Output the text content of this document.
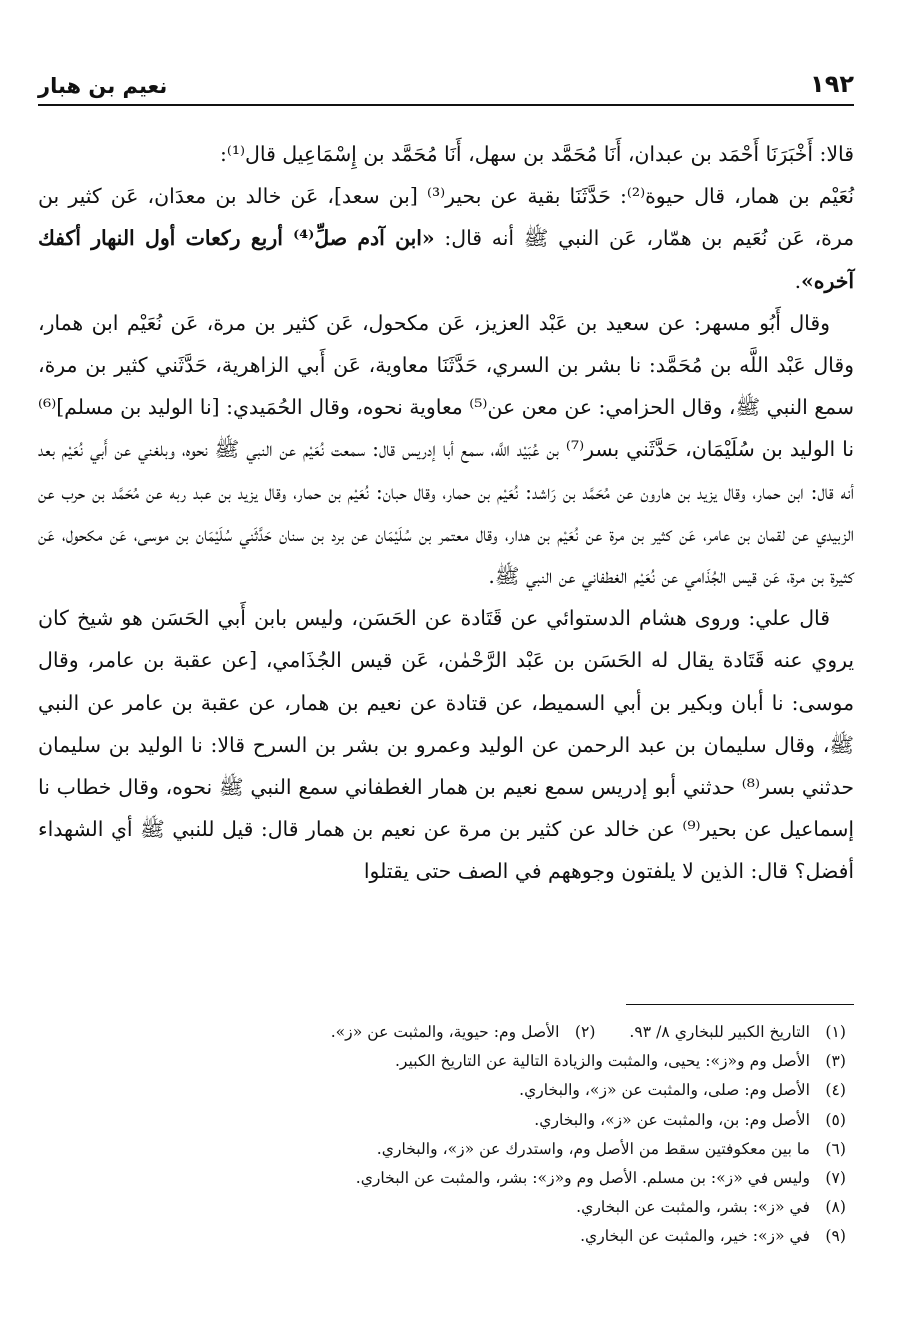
١٩٢
نعيم بن هبار

قالا: أَخْبَرَنَا أَحْمَد بن عبدان، أَنَا مُحَمَّد بن سهل، أَنَا مُحَمَّد بن إِسْمَاعِيل قال⁽¹⁾:

نُعَيْم بن همار، قال حيوة⁽²⁾: حَدَّثَنَا بقية عن بحير⁽³⁾ [بن سعد]، عَن خالد بن معدَان، عَن كثير بن مرة، عَن نُعَيم بن همّار، عَن النبي ﷺ أنه قال: «ابن آدم صلِّ⁽⁴⁾ أربع ركعات أول النهار أكفك آخره».

وقال أَبُو مسهر: عن سعيد بن عَبْد العزيز، عَن مكحول، عَن كثير بن مرة، عَن نُعَيْم ابن همار، وقال عَبْد اللَّه بن مُحَمَّد: نا بشر بن السري، حَدَّثَنَا معاوية، عَن أَبي الزاهرية، حَدَّثَني كثير بن مرة، سمع النبي ﷺ، وقال الحزامي: عن معن عن⁽⁵⁾ معاوية نحوه، وقال الحُمَيدي: [نا الوليد بن مسلم]⁽⁶⁾ نا الوليد بن سُلَيْمَان، حَدَّثَني بسر⁽⁷⁾ بن عُبَيْد اللَّه، سمع أبا إدريس قال: سمعت نُعَيْم عن النبي ﷺ نحوه، وبلغني عن أَبي نُعَيْم بعد أنه قال: ابن حمار، وقال يزيد بن هارون عن مُحَمَّد بن رَاشد: نُعَيْم بن حمار، وقال حبان: نُعَيْم بن حمار، وقال يزيد بن عبد ربه عن مُحَمَّد بن حرب عن الزبيدي عن لقمان بن عامر، عَن كثير بن مرة عن نُعَيْم بن هدار، وقال معتمر بن سُلَيْمَان عن برد بن سنان حَدَّثَني سُلَيْمَان بن موسى، عَن مكحول، عَن كثيرة بن مرة، عَن قيس الجُذَامي عن نُعَيْم الغطفاني عن النبي ﷺ.

قال علي: وروى هشام الدستوائي عن قَتَادة عن الحَسَن، وليس بابن أَبي الحَسَن هو شيخ كان يروي عنه قَتَادة يقال له الحَسَن بن عَبْد الرَّحْمٰن، عَن قيس الجُذَامي، [عن عقبة بن عامر، وقال موسى: نا أبان وبكير بن أبي السميط، عن قتادة عن نعيم بن همار، عن عقبة بن عامر عن النبي ﷺ، وقال سليمان بن عبد الرحمن عن الوليد وعمرو بن بشر بن السرح قالا: نا الوليد بن سليمان حدثني بسر⁽⁸⁾ حدثني أبو إدريس سمع نعيم بن همار الغطفاني سمع النبي ﷺ نحوه، وقال خطاب نا إسماعيل عن بحير⁽⁹⁾ عن خالد عن كثير بن مرة عن نعيم بن همار قال: قيل للنبي ﷺ أي الشهداء أفضل؟ قال: الذين لا يلفتون وجوههم في الصف حتى يقتلوا

(١)التاريخ الكبير للبخاري ٨/ ٩٣.
(٢)الأصل وم: حيوية، والمثبت عن «ز».
(٣)الأصل وم و«ز»: يحيى، والمثبت والزيادة التالية عن التاريخ الكبير.
(٤)الأصل وم: صلى، والمثبت عن «ز»، والبخاري.
(٥)الأصل وم: بن، والمثبت عن «ز»، والبخاري.
(٦)ما بين معكوفتين سقط من الأصل وم، واستدرك عن «ز»، والبخاري.
(٧)وليس في «ز»: بن مسلم. الأصل وم و«ز»: بشر، والمثبت عن البخاري.
(٨)في «ز»: بشر، والمثبت عن البخاري.
(٩)في «ز»: خير، والمثبت عن البخاري.
